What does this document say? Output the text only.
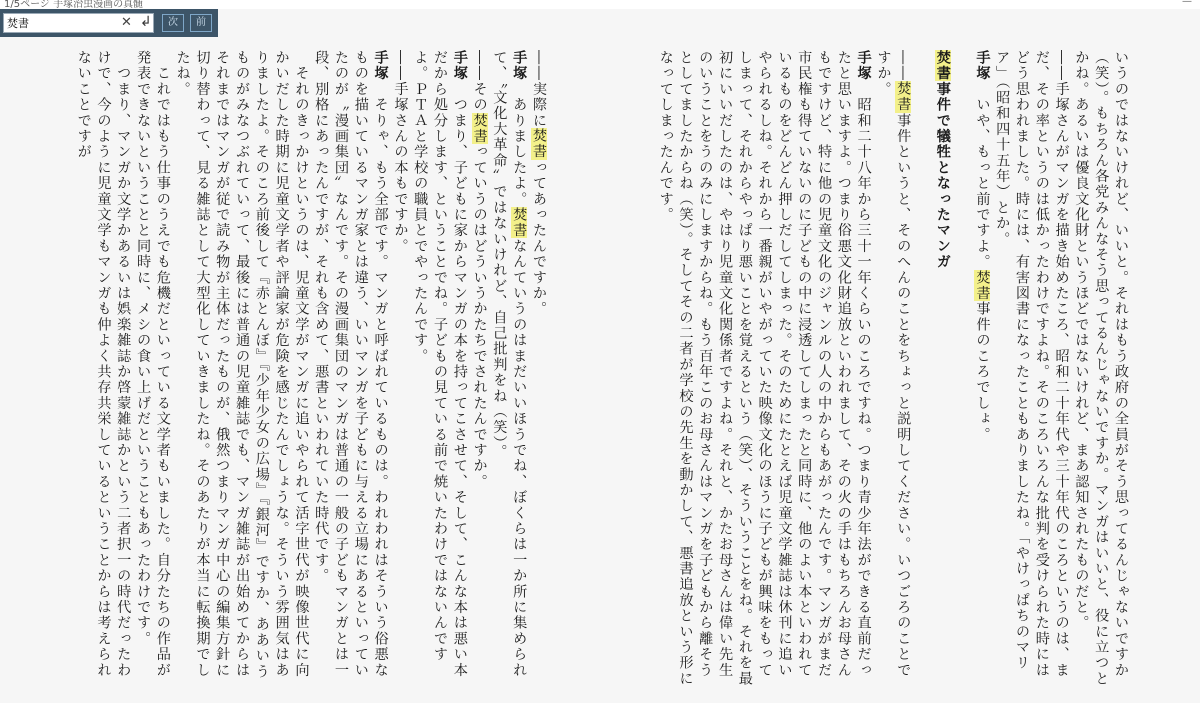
1/5ページ 手塚治虫漫画の真髄	—
焚書
✕ ↲	次	前

いうのではないけれど、いいと。それはもう政府の全員がそう思ってるんじゃないですか（笑）。もちろん各党みんなそう思ってるんじゃないですか。マンガはいいと、役に立つとかね。あるいは優良文化財というほどではないけれど、まあ認知されたものだと。

――手塚さんがマンガを描き始めたころ、昭和二十年代や三十年代のころというのは、まだ、その率というのは低かったわけですよね。そのころいろんな批判を受けられた時にはどう思われました。時には、有害図書になったこともありましたね。「やけっぱちのマリア」（昭和四十五年）とか。

手塚　いや、もっと前ですよ。焚書事件のころでしょ。

焚書事件で犠牲となったマンガ

――焚書事件というと、そのへんのことをちょっと説明してください。いつごろのことですか。

手塚　昭和二十八年から三十一年くらいのころですね。つまり青少年法ができる直前だったと思いますよ。つまり俗悪文化財追放といわれまして、その火の手はもちろんお母さんもですけど、特に他の児童文化のジャンルの人の中からもあがったんです。マンガがまだ市民権も得ていないのに子どもの中に浸透してしまったと同時に、他のよい本といわれているものをどんどん押しだしてしまった。そのためにたとえば児童文学雑誌は休刊に追いやられるしね。それから一番親がいやがっていた映像文化のほうに子どもが興味をもってしまって、それからやっぱり悪いことを覚えるという（笑）、そういうことをね。それを最初にいいだしたのは、やはり児童文化関係者ですよね。それと、かたお母さんは偉い先生のいうことをうのみにしますからね。もう百年このお母さんはマンガを子どもから離そうとしてましたからね（笑）。そしてその二者が学校の先生を動かして、悪書追放という形になってしまったんです。

――実際に焚書ってあったんですか。

手塚　ありましたよ。焚書なんていうのはまだいいほうでね、ぼくらは一か所に集められて、〝文化大革命〟ではないけれど、自己批判をね（笑）。

――その焚書っていうのはどういうかたちでされたんですか。

手塚　つまり、子どもに家からマンガの本を持ってこさせて、そして、こんな本は悪い本だから処分します、ということでね。子どもの見ている前で焼いたわけではないんですよ。ＰＴＡと学校の職員とでやったんです。

――手塚さんの本もですか。

手塚　そりゃ、もう全部です。マンガと呼ばれているものは。われわれはそういう俗悪なものを描いているマンガ家とは違う、いいマンガを子どもに与える立場にあるといっていたのが〝漫画集団〟なんです。その漫画集団のマンガは普通の一般の子どもマンガとは一段、別格にあったんですが、それも含めて、悪書といわれていた時代です。

　それのきっかけというのは、児童文学がマンガに追いやられて活字世代が映像世代に向かいだした時期に児童文学者や評論家が危険を感じたんでしょうな。そういう雰囲気はありましたよ。そのころ前後して『赤とんぼ』『少年少女の広場』『銀河』ですか、ああいうものがみなつぶれていって、最後には普通の児童雑誌でも、マンガ雑誌が出始めてからはそれまではマンガが従で読み物が主体だったものが、俄然つまりマンガ中心の編集方針に切り替わって、見る雑誌として大型化していきましたね。そのあたりが本当に転換期でしたね。

　これではもう仕事のうえでも危機だといっている文学者もいました。自分たちの作品が発表できないということと同時に、メシの食い上げだということもあったわけです。

　つまり、マンガか文学かあるいは娯楽雑誌か啓蒙雑誌かという二者択一の時代だったわけで、今のように児童文学もマンガも仲よく共存共栄しているということからは考えられないことですが
